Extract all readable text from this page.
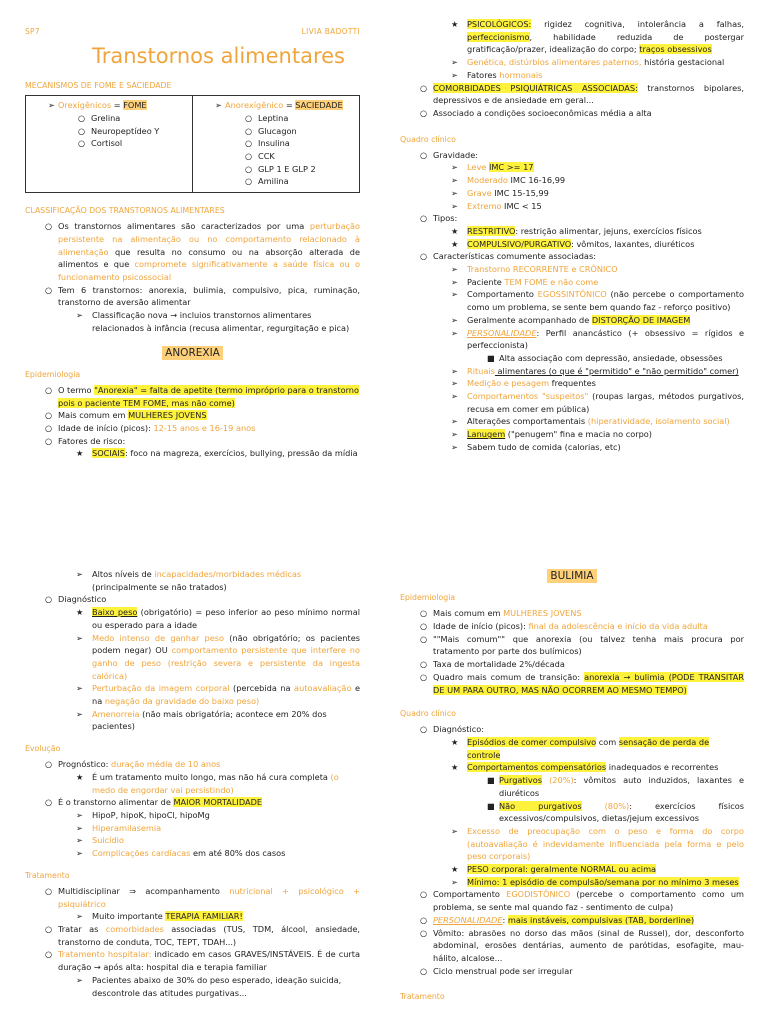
SP7	LIVIA BADOTTI
Transtornos alimentares
MECANISMOS DE FOME E SACIEDADE
➢ Orexígênicos = FOME
○ Grelina
○ Neuropeptídeo Y
○ Cortisol
➢ Anorexígênico = SACIEDADE
○ Leptina
○ Glucagon
○ Insulina
○ CCK
○ GLP 1 E GLP 2
○ Amilina
CLASSIFICAÇÃO DOS TRANSTORNOS ALIMENTARES
○ Os transtornos alimentares são caracterizados por uma perturbação persistente na alimentação ou no comportamento relacionado à alimentação que resulta no consumo ou na absorção alterada de alimentos e que compromete significativamente a saúde física ou o funcionamento psicossocial
○ Tem 6 transtornos: anorexia, bulimia, compulsivo, pica, ruminação, transtorno de aversão alimentar
➢ Classificação nova → incluios transtornos alimentares relacionados à infância (recusa alimentar, regurgitação e pica)
ANOREXIA
Epidemiologia
○ O termo "Anorexia" = falta de apetite (termo impróprio para o transtorno pois o paciente TEM FOME, mas não come)
○ Mais comum em MULHERES JOVENS
○ Idade de início (picos): 12-15 anos e 16-19 anos
○ Fatores de risco:
★ SOCIAIS: foco na magreza, exercícios, bullying, pressão da mídia
★ PSICOLÓGICOS: rigidez cognitiva, intolerância a falhas, perfeccionismo, habilidade reduzida de postergar gratificação/prazer, idealização do corpo; traços obsessivos
➢ Genética, distúrbios alimentares paternos, história gestacional
➢ Fatores hormonais
○ COMORBIDADES PSIQUIÁTRICAS ASSOCIADAS: transtornos bipolares, depressivos e de ansiedade em geral...
○ Associado a condições socioeconômicas média a alta
Quadro clínico
○ Gravidade:
➢ Leve IMC >= 17
➢ Moderado IMC 16-16,99
➢ Grave IMC 15-15,99
➢ Extremo IMC < 15
○ Tipos:
★ RESTRITIVO: restrição alimentar, jejuns, exercícios físicos
★ COMPULSIVO/PURGATIVO: vômitos, laxantes, diuréticos
○ Características comumente associadas:
➢ Transtorno RECORRENTE e CRÔNICO
➢ Paciente TEM FOME e não come
➢ Comportamento EGOSSINTÔNICO (não percebe o comportamento como um problema, se sente bem quando faz - reforço positivo)
➢ Geralmente acompanhado de DISTORÇÃO DE IMAGEM
➢ PERSONALIDADE: Perfil anancástico (+ obsessivo = rígidos e perfeccionista)
■ Alta associação com depressão, ansiedade, obsessões
➢ Rituais alimentares (o que é "permitido" e "não permitido" comer)
➢ Medição e pesagem frequentes
➢ Comportamentos "suspeitos" (roupas largas, métodos purgativos, recusa em comer em pública)
➢ Alterações comportamentais (hiperatividade, isolamento social)
➢ Lanugem ("penugem" fina e macia no corpo)
➢ Sabem tudo de comida (calorias, etc)
➢ Altos níveis de incapacidades/morbidades médicas (principalmente se não tratados)
○ Diagnóstico
★ Baixo peso (obrigatório) = peso inferior ao peso mínimo normal ou esperado para a idade
➢ Medo intenso de ganhar peso (não obrigatório; os pacientes podem negar) OU comportamento persistente que interfere no ganho de peso (restrição severa e persistente da ingesta calórica)
➢ Perturbação da imagem corporal (percebida na autoavaliação e na negação da gravidade do baixo peso)
➢ Amenorreia (não mais obrigatória; acontece em 20% dos pacientes)
Evolução
○ Prognóstico: duração média de 10 anos
★ É um tratamento muito longo, mas não há cura completa (o medo de engordar vai persistindo)
○ É o transtorno alimentar de MAIOR MORTALIDADE
➢ HipoP, hipoK, hipoCl, hipoMg
➢ Hiperamilasemia
➢ Suicídio
➢ Complicações cardíacas em até 80% dos casos
Tratamento
○ Multidisciplinar ⇒ acompanhamento nutricional + psicológico + psiquiátrico
➢ Muito importante TERAPIA FAMILIAR!
○ Tratar as comorbidades associadas (TUS, TDM, álcool, ansiedade, transtorno de conduta, TOC, TEPT, TDAH...)
○ Tratamento hospitalar: indicado em casos GRAVES/INSTÁVEIS. É de curta duração → após alta: hospital dia e terapia familiar
➢ Pacientes abaixo de 30% do peso esperado, ideação suicida, descontrole das atitudes purgativas...
BULIMIA
Epidemiologia
○ Mais comum em MULHERES JOVENS
○ Idade de início (picos): final da adolescência e início da vida adulta
○ ""Mais comum"" que anorexia (ou talvez tenha mais procura por tratamento por parte dos bulímicos)
○ Taxa de mortalidade 2%/década
○ Quadro mais comum de transição: anorexia → bulimia (PODE TRANSITAR DE UM PARA OUTRO, MAS NÃO OCORREM AO MESMO TEMPO)
Quadro clínico
○ Diagnóstico:
★ Episódios de comer compulsivo com sensação de perda de controle
★ Comportamentos compensatórios inadequados e recorrentes
■ Purgativos (20%): vômitos auto induzidos, laxantes e diuréticos
■ Não purgativos (80%): exercícios físicos excessivos/compulsivos, dietas/jejum excessivos
➢ Excesso de preocupação com o peso e forma do corpo (autoavaliação é indevidamente influenciada pela forma e pelo peso corporais)
★ PESO corporal: geralmente NORMAL ou acima
➢ Mínimo: 1 episódio de compulsão/semana por no mínimo 3 meses
○ Comportamento EGODISTÔNICO (percebe o comportamento como um problema, se sente mal quando faz - sentimento de culpa)
○ PERSONALIDADE: mais instáveis, compulsivas (TAB, borderline)
○ Vômito: abrasões no dorso das mãos (sinal de Russel), dor, desconforto abdominal, erosões dentárias, aumento de parótidas, esofagite, mau-hálito, alcalose...
○ Ciclo menstrual pode ser irregular
Tratamento
